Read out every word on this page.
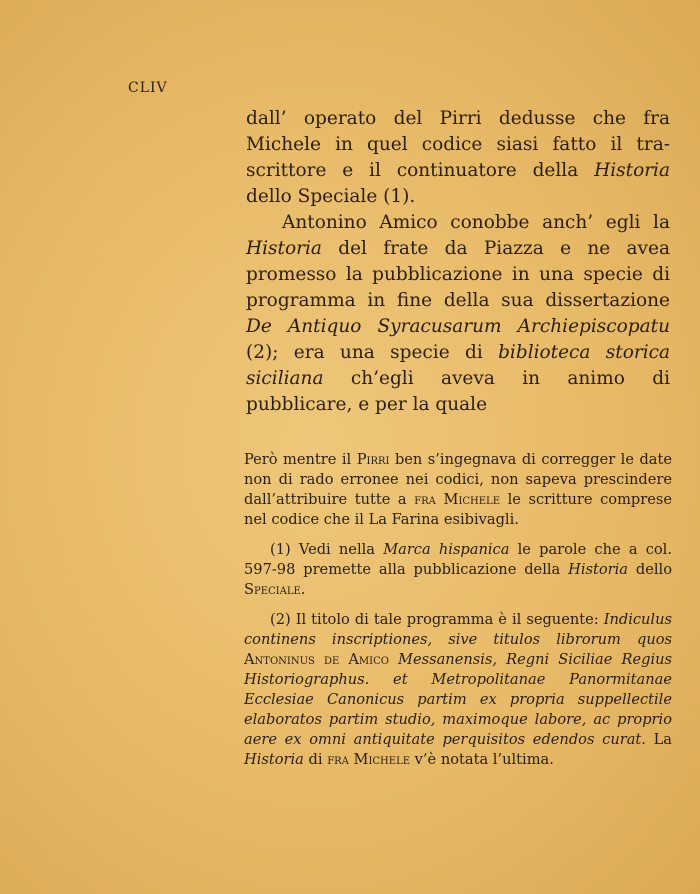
CLIV

dall’ operato del Pirri dedusse che fra Michele in quel codice siasi fatto il trascrittore e il continuatore della Historia dello Speciale (1).

Antonino Amico conobbe anch’ egli la Historia del frate da Piazza e ne avea promesso la pubblicazione in una specie di programma in fine della sua dissertazione De Antiquo Syracusarum Archiepiscopatu (2); era una specie di biblioteca storica siciliana ch’egli aveva in animo di pubblicare, e per la quale

Però mentre il Pirri ben s’ingegnava di corregger le date non di rado erronee nei codici, non sapeva prescindere dall’attribuire tutte a fra Michele le scritture comprese nel codice che il La Farina esibivagli.

(1) Vedi nella Marca hispanica le parole che a col. 597-98 premette alla pubblicazione della Historia dello Speciale.

(2) Il titolo di tale programma è il seguente: Indiculus continens inscriptiones, sive titulos librorum quos Antoninus de Amico Messanensis, Regni Siciliae Regius Historiographus. et Metropolitanae Panormitanae Ecclesiae Canonicus partim ex propria suppellectile elaboratos partim studio, maximoque labore, ac proprio aere ex omni antiquitate perquisitos edendos curat. La Historia di fra Michele v’è notata l’ultima.
